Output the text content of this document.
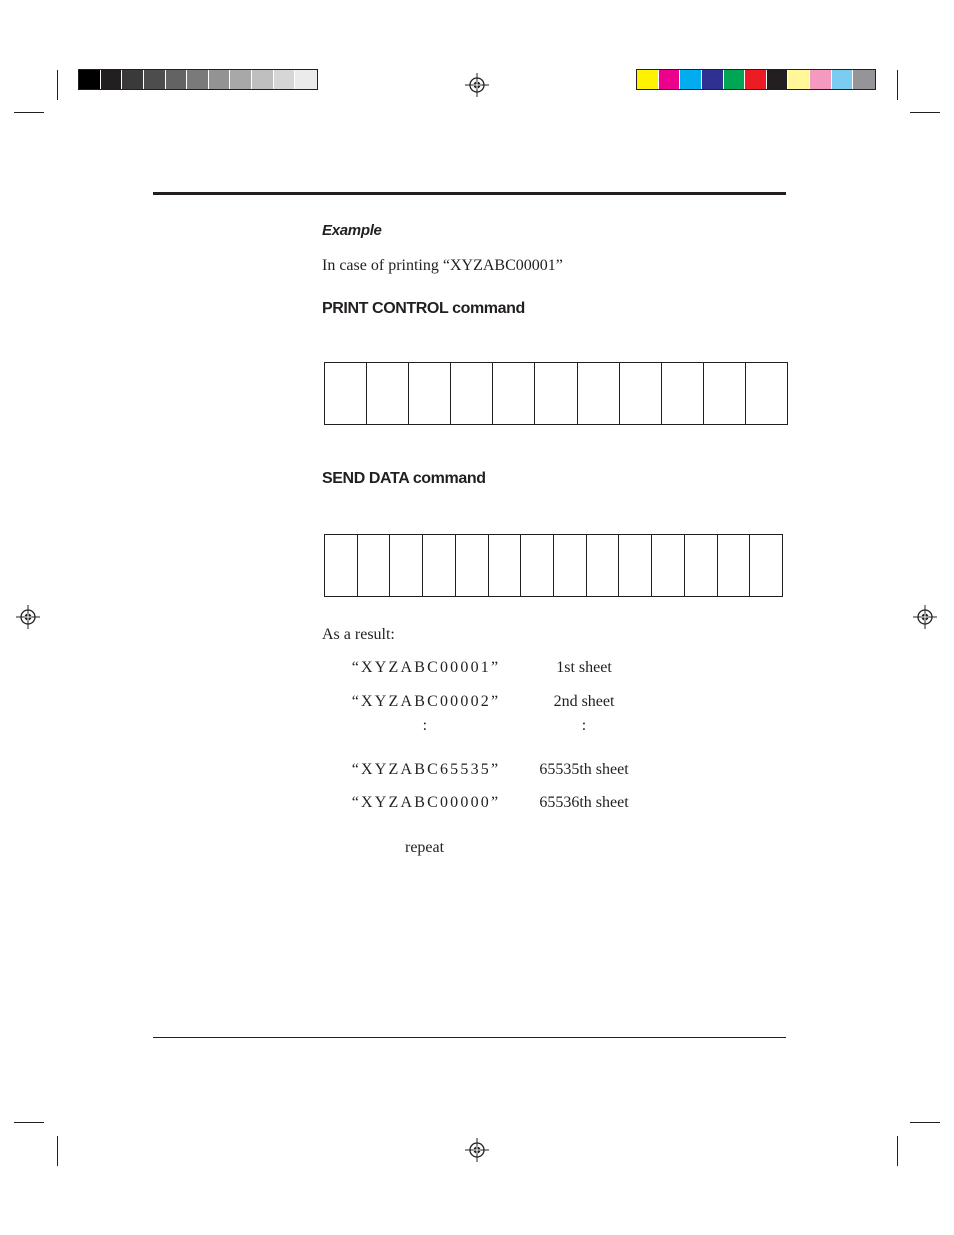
Example
In case of printing “XYZABC00001”
PRINT CONTROL command
SEND DATA command
As a result:
“XYZABC00001”	1st sheet
“XYZABC00002”	2nd sheet
:	:
“XYZABC65535”	65535th sheet
“XYZABC00000”	65536th sheet
repeat
